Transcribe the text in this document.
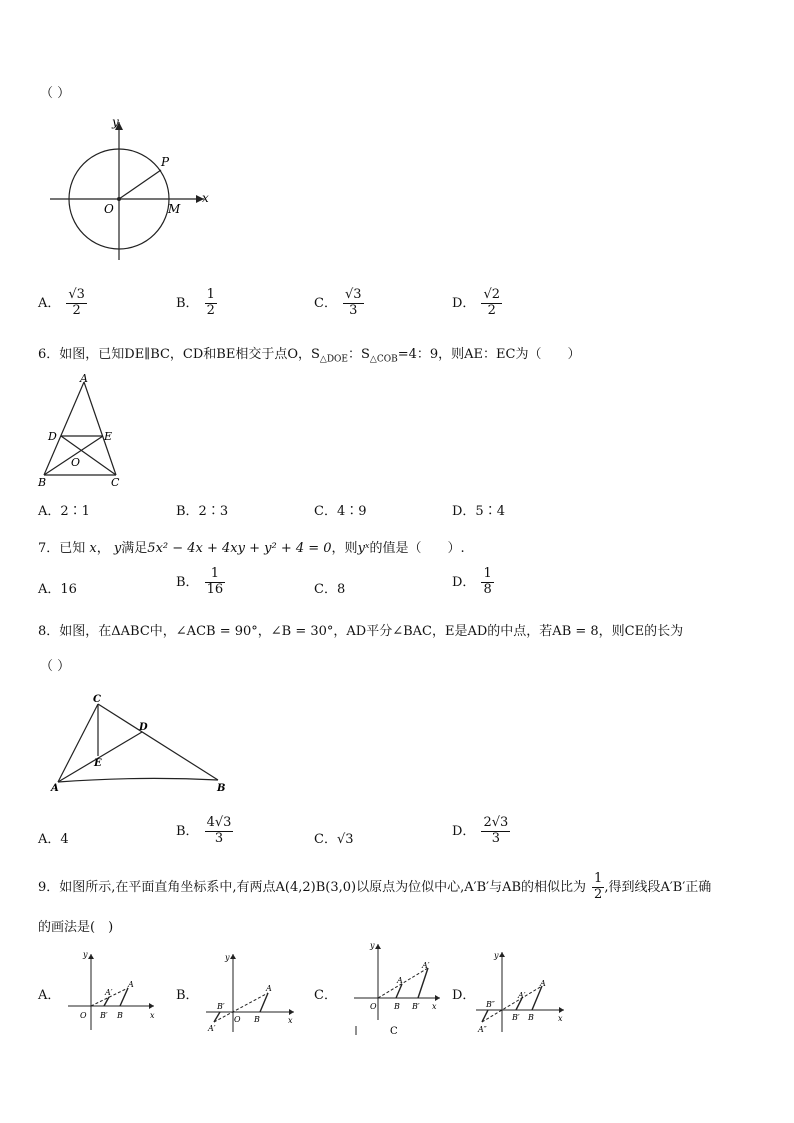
（ ）
y
x
O
P
M
A． $\frac{√3}{2}$	B． $\frac{1}{2}$	C． $\frac{√3}{3}$	D． $\frac{√2}{2}$
6．如图，已知DE∥BC，CD和BE相交于点O，$S_{\triangle DOE}$：$S_{\triangle COB}=4$：9，则AE：EC为（　　）
A
D	E
O
B	C
A．2∶1	B．2∶3	C．4∶9	D．5∶4
7．已知 x， y满足5x² − 4x + 4xy + y² + 4 = 0，则yˣ的值是（　　）.
A．16	B． $\frac{1}{16}$	C．8	D． $\frac{1}{8}$
8．如图，在ΔABC中，∠ACB = 90°，∠B = 30°，AD平分∠BAC，E是AD的中点，若AB = 8，则CE的长为
（ ）
C
D
E
A	B
A．4
B． $\frac{4√3}{3}$	C．√3
D． $\frac{2√3}{3}$
9．如图所示,在平面直角坐标系中,有两点A(4,2)B(3,0)以原点为位似中心,A′B′与AB的相似比为 $\frac{1}{2}$ ,得到线段A′B′正确
的画法是(　)
A．	B．	C．	D．
y
x
O
A
A′
B′ B
y
x
O
A
B′
A′
B
y
x
O
A
A′
B B′
C
y
x
A
A′
B″
A″
B′ B
